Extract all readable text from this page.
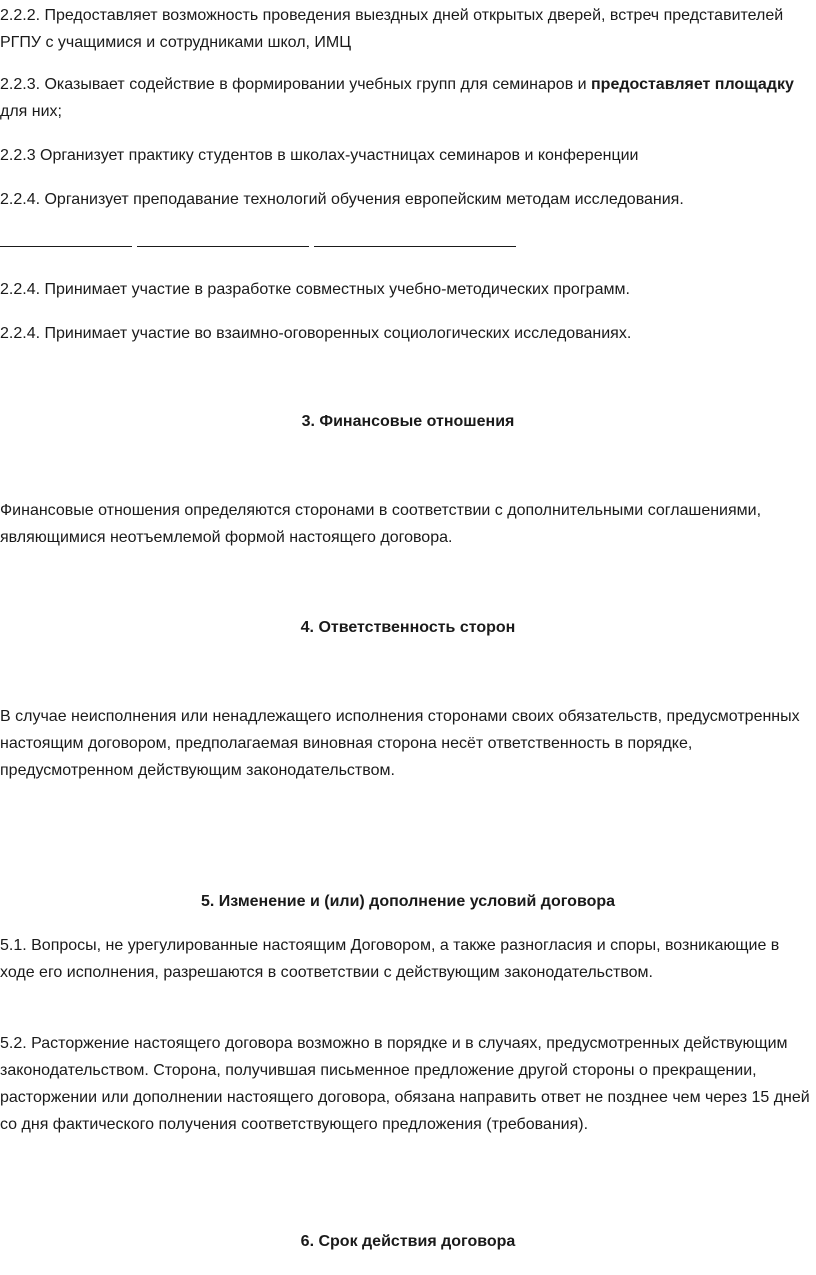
2.2.2. Предоставляет возможность проведения выездных дней открытых дверей, встреч представителей РГПУ с учащимися и сотрудниками школ, ИМЦ

2.2.3. Оказывает содействие в формировании учебных групп для семинаров и предоставляет площадку для них;

2.2.3 Организует практику студентов в школах-участницах семинаров и конференции

2.2.4. Организует преподавание технологий обучения европейским методам исследования.

2.2.4. Принимает участие в разработке совместных учебно-методических программ.

2.2.4. Принимает участие во взаимно-оговоренных социологических исследованиях.

3. Финансовые отношения

Финансовые отношения определяются сторонами в соответствии с дополнительными соглашениями, являющимися неотъемлемой формой настоящего договора.

4. Ответственность сторон

В случае неисполнения или ненадлежащего исполнения сторонами своих обязательств, предусмотренных настоящим договором, предполагаемая виновная сторона несёт ответственность в порядке, предусмотренном действующим законодательством.

5. Изменение и (или) дополнение условий договора

5.1. Вопросы, не урегулированные настоящим Договором, а также разногласия и споры, возникающие в ходе его исполнения, разрешаются в соответствии с действующим законодательством.

5.2. Расторжение настоящего договора возможно в порядке и в случаях, предусмотренных действующим законодательством. Сторона, получившая письменное предложение другой стороны о прекращении, расторжении или дополнении настоящего договора, обязана направить ответ не позднее чем через 15 дней со дня фактического получения соответствующего предложения (требования).

6. Срок действия договора
